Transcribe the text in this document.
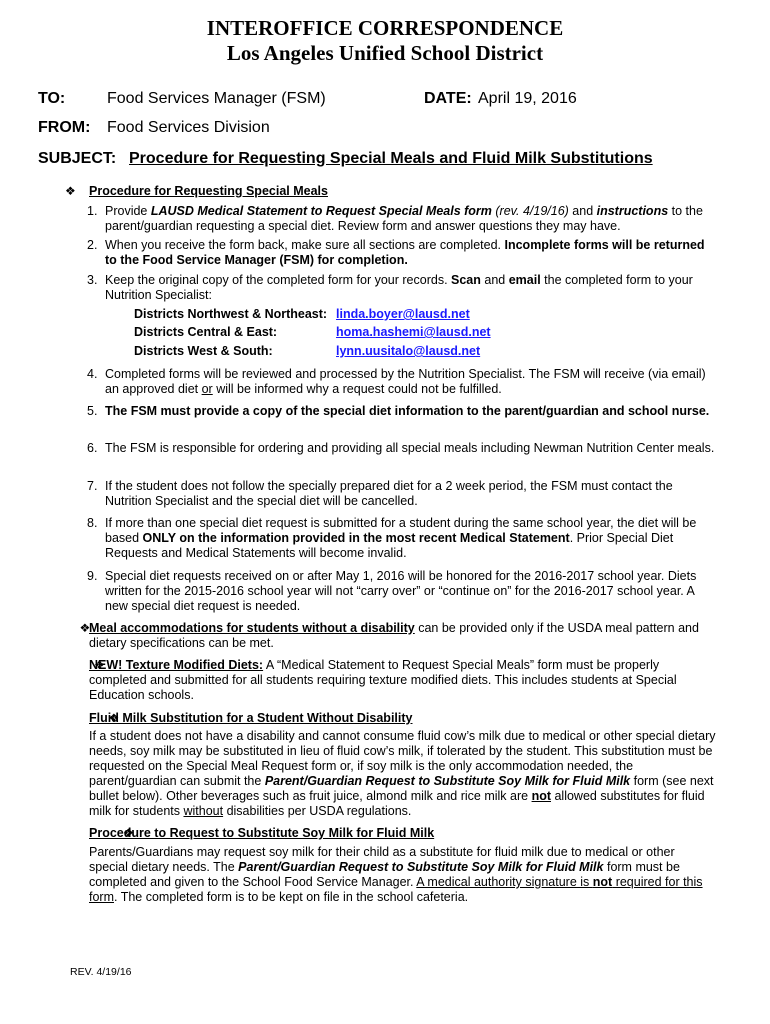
INTEROFFICE CORRESPONDENCE
Los Angeles Unified School District
TO:	Food Services Manager (FSM)	DATE: April 19, 2016
FROM: Food Services Division
SUBJECT: Procedure for Requesting Special Meals and Fluid Milk Substitutions
❖
Procedure for Requesting Special Meals
1. Provide LAUSD Medical Statement to Request Special Meals form (rev. 4/19/16) and instructions to the parent/guardian requesting a special diet. Review form and answer questions they may have.
2. When you receive the form back, make sure all sections are completed. Incomplete forms will be returned to the Food Service Manager (FSM) for completion.
3. Keep the original copy of the completed form for your records. Scan and email the completed form to your Nutrition Specialist:
Districts Northwest & Northeast: linda.boyer@lausd.net
Districts Central & East:	homa.hashemi@lausd.net
Districts West & South:	lynn.uusitalo@lausd.net
4. Completed forms will be reviewed and processed by the Nutrition Specialist. The FSM will receive (via email) an approved diet or will be informed why a request could not be fulfilled.
5. The FSM must provide a copy of the special diet information to the parent/guardian and school nurse.
6. The FSM is responsible for ordering and providing all special meals including Newman Nutrition Center meals.
7. If the student does not follow the specially prepared diet for a 2 week period, the FSM must contact the Nutrition Specialist and the special diet will be cancelled.
8. If more than one special diet request is submitted for a student during the same school year, the diet will be based ONLY on the information provided in the most recent Medical Statement. Prior Special Diet Requests and Medical Statements will become invalid.
9. Special diet requests received on or after May 1, 2016 will be honored for the 2016-2017 school year. Diets written for the 2015-2016 school year will not “carry over” or “continue on” for the 2016-2017 school year. A new special diet request is needed.
❖
Meal accommodations for students without a disability can be provided only if the USDA meal pattern and dietary specifications can be met.
❖
NEW! Texture Modified Diets: A “Medical Statement to Request Special Meals” form must be properly completed and submitted for all students requiring texture modified diets. This includes students at Special Education schools.
❖
Fluid Milk Substitution for a Student Without Disability
If a student does not have a disability and cannot consume fluid cow’s milk due to medical or other special dietary needs, soy milk may be substituted in lieu of fluid cow’s milk, if tolerated by the student. This substitution must be requested on the Special Meal Request form or, if soy milk is the only accommodation needed, the parent/guardian can submit the Parent/Guardian Request to Substitute Soy Milk for Fluid Milk form (see next bullet below). Other beverages such as fruit juice, almond milk and rice milk are not allowed substitutes for fluid milk for students without disabilities per USDA regulations.
❖
Procedure to Request to Substitute Soy Milk for Fluid Milk
Parents/Guardians may request soy milk for their child as a substitute for fluid milk due to medical or other special dietary needs. The Parent/Guardian Request to Substitute Soy Milk for Fluid Milk form must be completed and given to the School Food Service Manager. A medical authority signature is not required for this form. The completed form is to be kept on file in the school cafeteria.
REV. 4/19/16
